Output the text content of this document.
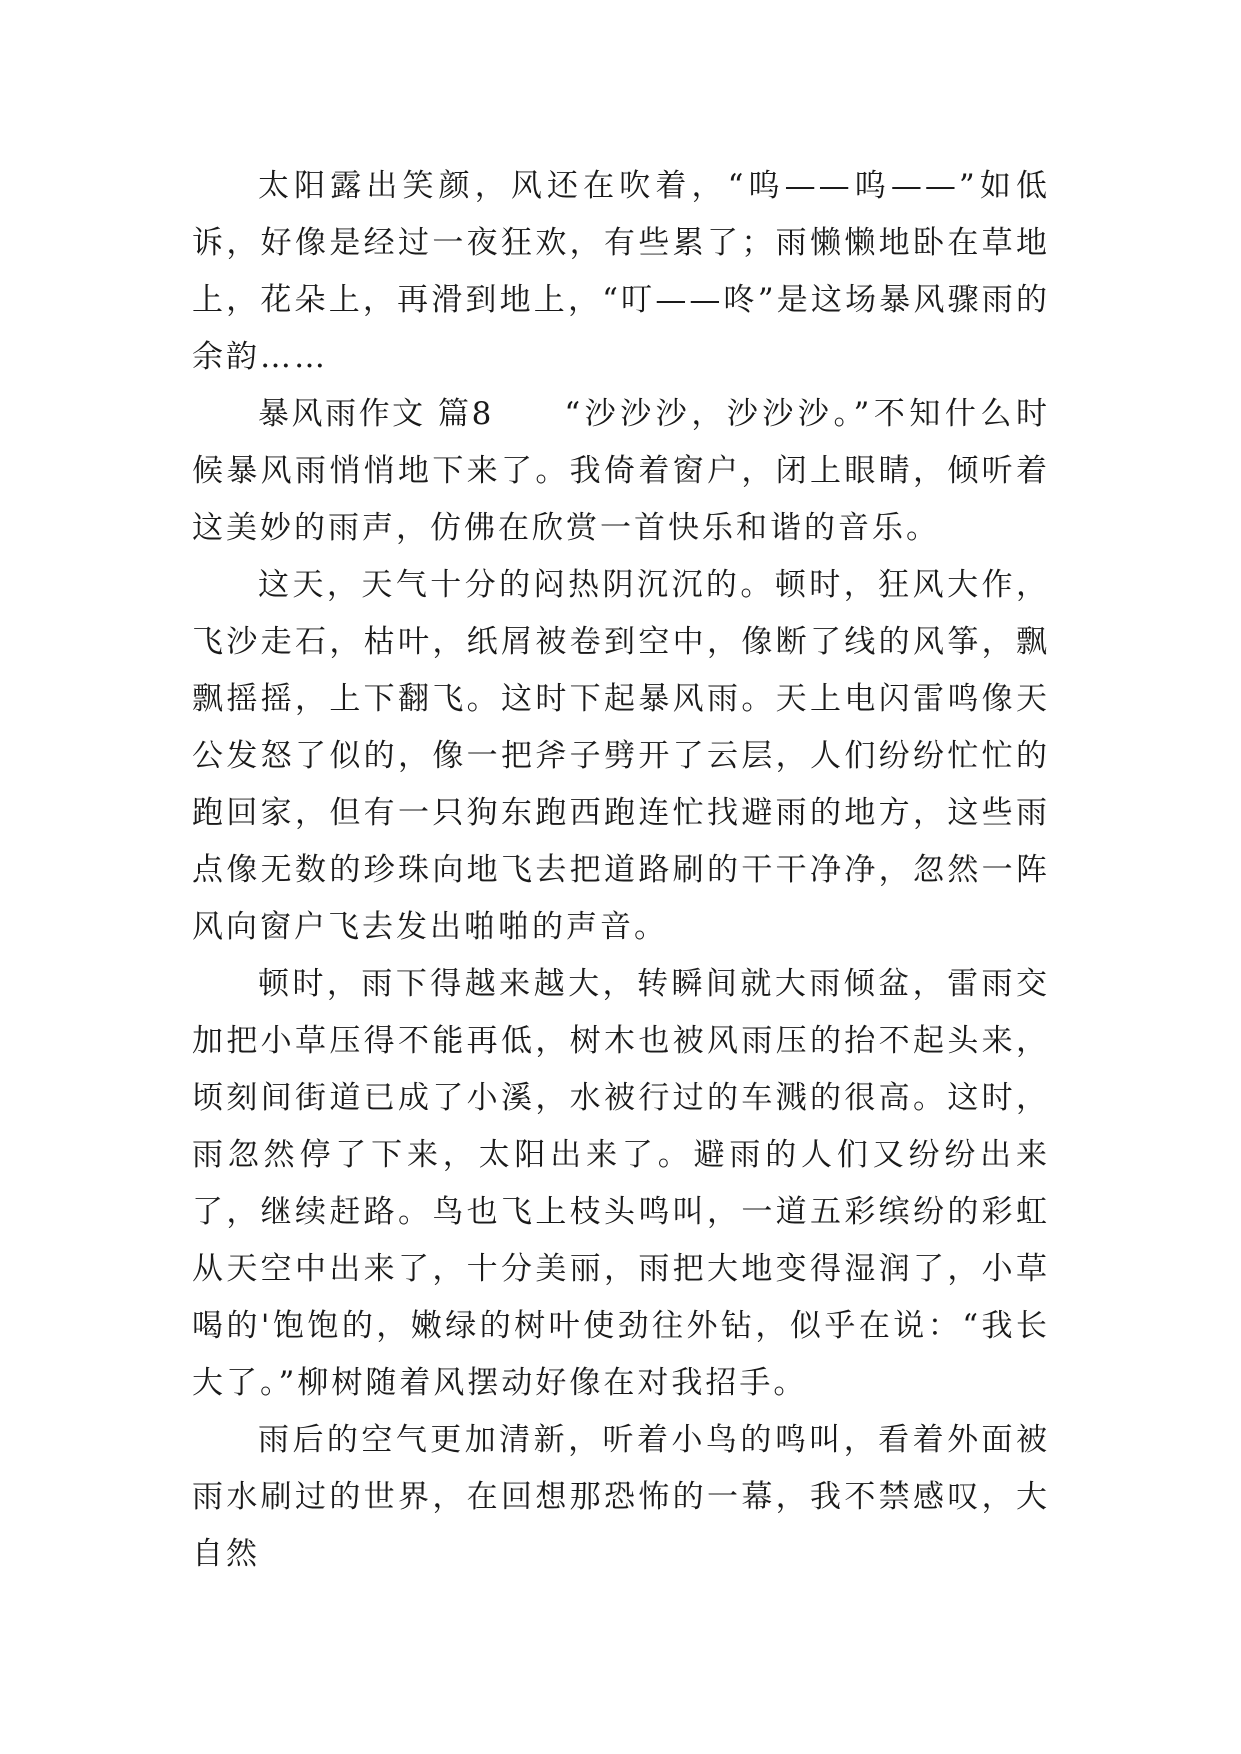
太阳露出笑颜，风还在吹着，“呜——呜——”如低诉，好像是经过一夜狂欢，有些累了；雨懒懒地卧在草地上，花朵上，再滑到地上，“叮——咚”是这场暴风骤雨的余韵……

暴风雨作文 篇8 “沙沙沙，沙沙沙。”不知什么时候暴风雨悄悄地下来了。我倚着窗户，闭上眼睛，倾听着这美妙的雨声，仿佛在欣赏一首快乐和谐的音乐。

这天，天气十分的闷热阴沉沉的。顿时，狂风大作，飞沙走石，枯叶，纸屑被卷到空中，像断了线的风筝，飘飘摇摇，上下翻飞。这时下起暴风雨。天上电闪雷鸣像天公发怒了似的，像一把斧子劈开了云层，人们纷纷忙忙的跑回家，但有一只狗东跑西跑连忙找避雨的地方，这些雨点像无数的珍珠向地飞去把道路刷的干干净净，忽然一阵风向窗户飞去发出啪啪的声音。

顿时，雨下得越来越大，转瞬间就大雨倾盆，雷雨交加把小草压得不能再低，树木也被风雨压的抬不起头来，顷刻间街道已成了小溪，水被行过的车溅的很高。这时，雨忽然停了下来，太阳出来了。避雨的人们又纷纷出来了，继续赶路。鸟也飞上枝头鸣叫，一道五彩缤纷的彩虹从天空中出来了，十分美丽，雨把大地变得湿润了，小草喝的'饱饱的，嫩绿的树叶使劲往外钻，似乎在说：“我长大了。”柳树随着风摆动好像在对我招手。

雨后的空气更加清新，听着小鸟的鸣叫，看着外面被雨水刷过的世界，在回想那恐怖的一幕，我不禁感叹，大自然
